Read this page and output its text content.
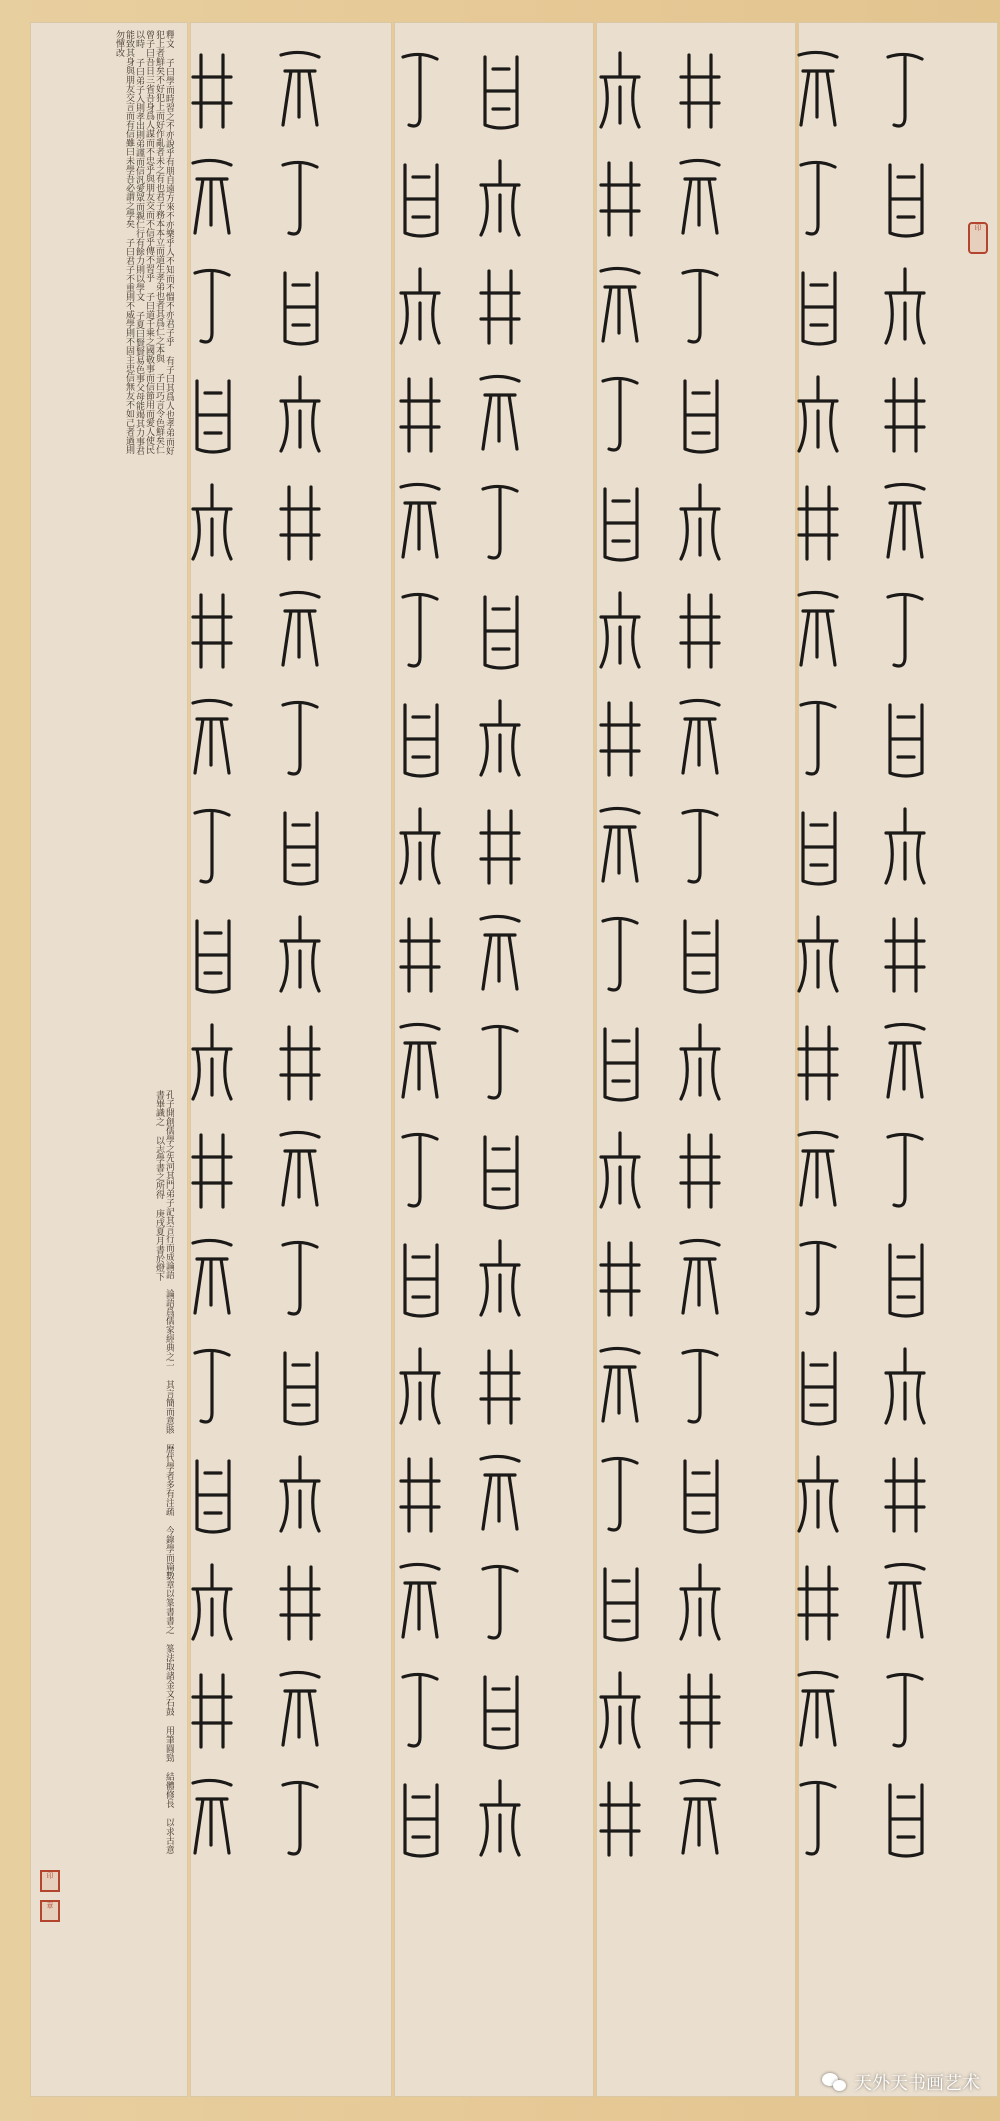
釋文 子曰學而時習之不亦說乎有朋自遠方來不亦樂乎人不知而不慍不亦君子乎 有子曰其爲人也孝弟而好犯上者鮮矣不好犯上而好作亂者未之有也君子務本本立而道生孝弟也者其爲仁之本與 子曰巧言令色鮮矣仁 曾子曰吾日三省吾身爲人謀而不忠乎與朋友交而不信乎傳不習乎 子曰道千乘之國敬事而信節用而愛人使民以時 子曰弟子入則孝出則弟謹而信汎愛眾而親仁行有餘力則以學文 子夏曰賢賢易色事父母能竭其力事君能致其身與朋友交言而有信雖曰未學吾必謂之學矣 子曰君子不重則不威學則不固主忠信無友不如己者過則勿憚改
孔子開創儒學之先河其門弟子記其言行而成論語 論語爲儒家經典之一 其言簡而意賅 歷代學者多有注疏 今錄學而篇數章以篆書書之 篆法取諸金文石鼓 用筆圓勁 結體修長 以求古意 書畢識之 以志學書之所得 庚戌夏月書於燈下
印
印
章
天外天书画艺术
